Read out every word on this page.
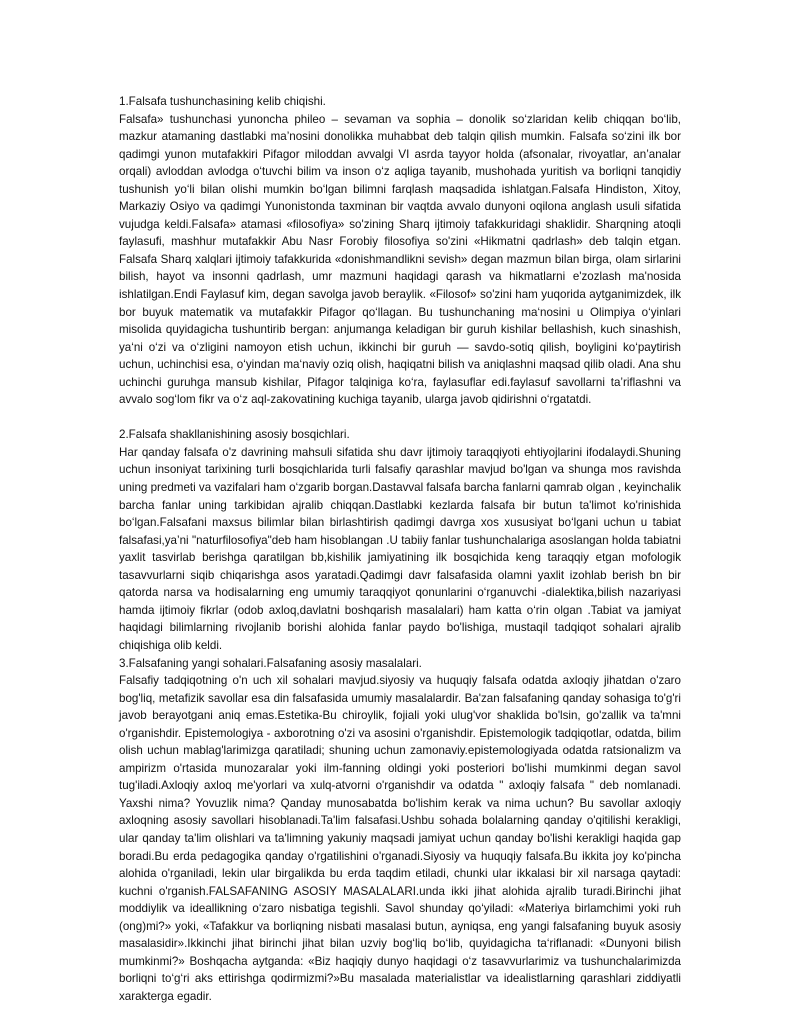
1.Falsafa tushunchasining kelib chiqishi.

Falsafa» tushunchasi yunoncha phileo – sevaman va sophia – donolik so‘zlaridan kelib chiqqan bo‘lib, mazkur atamaning dastlabki ma’nosini donolikka muhabbat deb talqin qilish mumkin. Falsafa so‘zini ilk bor qadimgi yunon mutafakkiri Pifagor miloddan avvalgi VI asrda tayyor holda (afsonalar, rivoyatlar, an’analar orqali) avloddan avlodga o‘tuvchi bilim va inson o‘z aqliga tayanib, mushohada yuritish va borliqni tanqidiy tushunish yo‘li bilan olishi mumkin bo‘lgan bilimni farqlash maqsadida ishlatgan.Falsafa Hindiston, Xitoy, Markaziy Osiyo va qadimgi Yunonistonda taxminan bir vaqtda avvalo dunyoni oqilona anglash usuli sifatida vujudga keldi.Falsafa» atamasi «filosofiya» so'zining Sharq ijtimoiy tafakkuridagi shaklidir. Sharqning atoqli faylasufi, mashhur mutafakkir Abu Nasr Forobiy filosofiya so'zini «Hikmatni qadrlash» deb talqin etgan. Falsafa Sharq xalqlari ijtimoiy tafakkurida «donishmandlikni sevish» degan mazmun bilan birga, olam sirlarini bilish, hayot va insonni qadrlash, umr mazmuni haqidagi qarash va hikmatlarni e'zozlash ma'nosida ishlatilgan.Endi Faylasuf kim, degan savolga javob beraylik. «Filosof» so'zini ham yuqorida aytganimizdek, ilk bor buyuk matematik va mutafakkir Pifagor qo‘llagan. Bu tushunchaning ma‘nosini u Olimpiya o‘yinlari misolida quyidagicha tushuntirib bergan: anjumanga keladigan bir guruh kishilar bellashish, kuch sinashish, ya‘ni o‘zi va o‘zligini namoyon etish uchun, ikkinchi bir guruh — savdo-sotiq qilish, boyligini ko‘paytirish uchun, uchinchisi esa, o‘yindan ma‘naviy oziq olish, haqiqatni bilish va aniqlashni maqsad qilib oladi. Ana shu uchinchi guruhga mansub kishilar, Pifagor talqiniga ko‘ra, faylasuflar edi.faylasuf savollarni ta’riflashni va avvalo sog‘lom fikr va o‘z aql-zakovatining kuchiga tayanib, ularga javob qidirishni o‘rgatatdi.

2.Falsafa shakllanishining asosiy bosqichlari.

Har qanday falsafa o'z davrining mahsuli sifatida shu davr ijtimoiy taraqqiyoti ehtiyojlarini ifodalaydi.Shuning uchun insoniyat tarixining turli bosqichlarida turli falsafiy qarashlar mavjud bo'lgan va shunga mos ravishda uning predmeti va vazifalari ham o‘zgarib borgan.Dastavval falsafa barcha fanlarni qamrab olgan , keyinchalik barcha fanlar uning tarkibidan ajralib chiqqan.Dastlabki kezlarda falsafa bir butun ta'limot ko'rinishida bo‘lgan.Falsafani maxsus bilimlar bilan birlashtirish qadimgi davrga xos xususiyat bo‘lgani uchun u tabiat falsafasi,ya’ni "naturfilosofiya"deb ham hisoblangan .U tabiiy fanlar tushunchalariga asoslangan holda tabiatni yaxlit tasvirlab berishga qaratilgan bb,kishilik jamiyatining ilk bosqichida keng taraqqiy etgan mofologik tasavvurlarni siqib chiqarishga asos yaratadi.Qadimgi davr falsafasida olamni yaxlit izohlab berish bn bir qatorda narsa va hodisalarning eng umumiy taraqqiyot qonunlarini o‘rganuvchi -dialektika,bilish nazariyasi hamda ijtimoiy fikrlar (odob axloq,davlatni boshqarish masalalari) ham katta o‘rin olgan .Tabiat va jamiyat haqidagi bilimlarning rivojlanib borishi alohida fanlar paydo bo'lishiga, mustaqil tadqiqot sohalari ajralib chiqishiga olib keldi.

3.Falsafaning yangi sohalari.Falsafaning asosiy masalalari.

Falsafiy tadqiqotning o'n uch xil sohalari mavjud.siyosiy va huquqiy falsafa odatda axloqiy jihatdan o'zaro bog'liq, metafizik savollar esa din falsafasida umumiy masalalardir. Ba'zan falsafaning qanday sohasiga to'g'ri javob berayotgani aniq emas.Estetika-Bu chiroylik, fojiali yoki ulug'vor shaklida bo'lsin, go'zallik va ta'mni o'rganishdir. Epistemologiya - axborotning o'zi va asosini o'rganishdir. Epistemologik tadqiqotlar, odatda, bilim olish uchun mablag'larimizga qaratiladi; shuning uchun zamonaviy.epistemologiyada odatda ratsionalizm va ampirizm o'rtasida munozaralar yoki ilm-fanning oldingi yoki posteriori bo'lishi mumkinmi degan savol tug'iladi.Axloqiy axloq me'yorlari va xulq-atvorni o'rganishdir va odatda " axloqiy falsafa " deb nomlanadi. Yaxshi nima? Yovuzlik nima? Qanday munosabatda bo'lishim kerak va nima uchun? Bu savollar axloqiy axloqning asosiy savollari hisoblanadi.Ta'lim falsafasi.Ushbu sohada bolalarning qanday o'qitilishi kerakligi, ular qanday ta'lim olishlari va ta'limning yakuniy maqsadi jamiyat uchun qanday bo'lishi kerakligi haqida gap boradi.Bu erda pedagogika qanday o'rgatilishini o'rganadi.Siyosiy va huquqiy falsafa.Bu ikkita joy ko'pincha alohida o'rganiladi, lekin ular birgalikda bu erda taqdim etiladi, chunki ular ikkalasi bir xil narsaga qaytadi: kuchni o'rganish.FALSAFANING ASOSIY MASALALARI.unda ikki jihat alohida ajralib turadi.Birinchi jihat moddiylik va ideallikning o‘zaro nisbatiga tegishli. Savol shunday qo‘yiladi: «Materiya birlamchimi yoki ruh (ong)mi?» yoki, «Tafakkur va borliqning nisbati masalasi butun, ayniqsa, eng yangi falsafaning buyuk asosiy masalasidir».Ikkinchi jihat birinchi jihat bilan uzviy bog‘liq bo‘lib, quyidagicha ta‘riflanadi: «Dunyoni bilish mumkinmi?» Boshqacha aytganda: «Biz haqiqiy dunyo haqidagi o‘z tasavvurlarimiz va tushunchalarimizda borliqni to‘g‘ri aks ettirishga qodirmizmi?»Bu masalada materialistlar va idealistlarning qarashlari ziddiyatli xarakterga egadir.
